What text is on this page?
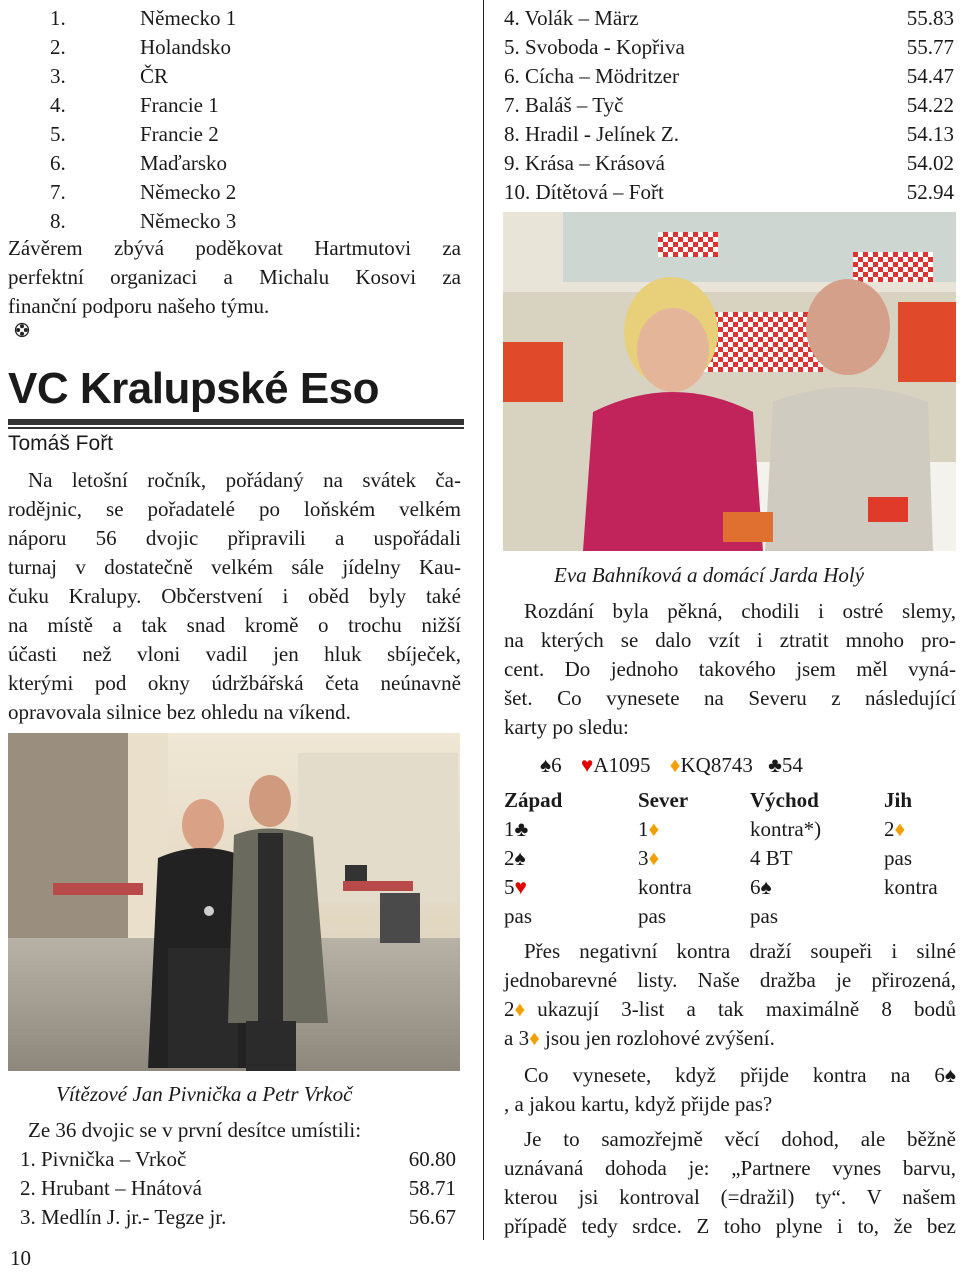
1.	Německo 1
2.	Holandsko
3.	ČR
4.	Francie 1
5.	Francie 2
6.	Maďarsko
7.	Německo 2
8.	Německo 3
Závěrem zbývá poděkovat Hartmutovi za
perfektní organizaci a Michalu Kosovi za
finanční podporu našeho týmu.
VC Kralupské Eso
Tomáš Fořt
Na letošní ročník, pořádaný na svátek ča-
rodějnic, se pořadatelé po loňském velkém
náporu 56 dvojic připravili a uspořádali
turnaj v dostatečně velkém sále jídelny Kau-
čuku Kralupy. Občerstvení i oběd byly také
na místě a tak snad kromě o trochu nižší
účasti než vloni vadil jen hluk sbíječek,
kterými pod okny údržbářská četa neúnavně
opravovala silnice bez ohledu na víkend.
Vítězové Jan Pivnička a Petr Vrkoč
Ze 36 dvojic se v první desítce umístili:
1. Pivnička – Vrkoč	60.80
2. Hrubant – Hnátová	58.71
3. Medlín J. jr.- Tegze jr.	56.67
10
4. Volák – März	55.83
5. Svoboda - Kopřiva	55.77
6. Cícha – Mödritzer	54.47
7. Baláš – Tyč	54.22
8. Hradil - Jelínek Z.	54.13
9. Krása – Krásová	54.02
10. Dítětová – Fořt	52.94
Eva Bahníková a domácí Jarda Holý
Rozdání byla pěkná, chodili i ostré slemy,
na kterých se dalo vzít i ztratit mnoho pro-
cent. Do jednoho takového jsem měl vyná-
šet. Co vynesete na Severu z následující
karty po sledu:
♠6 ♥A1095 ♦KQ8743 ♣54
Západ	Sever	Východ	Jih
1♣	1♦	kontra*)	2♦
2♠	3♦	4 BT	pas
5♥	kontra	6♠	kontra
pas	pas	pas
Přes negativní kontra draží soupeři i silné
jednobarevné listy. Naše dražba je přirozená,
2♦ ukazují 3-list a tak maximálně 8 bodů
a 3♦ jsou jen rozlohové zvýšení.
Co vynesete, když přijde kontra na 6 ♠
, a jakou kartu, když přijde pas?
Je to samozřejmě věcí dohod, ale běžně
uznávaná dohoda je: „Partnere vynes barvu,
kterou jsi kontroval (=dražil) ty“. V našem
případě tedy srdce. Z toho plyne i to, že bez
